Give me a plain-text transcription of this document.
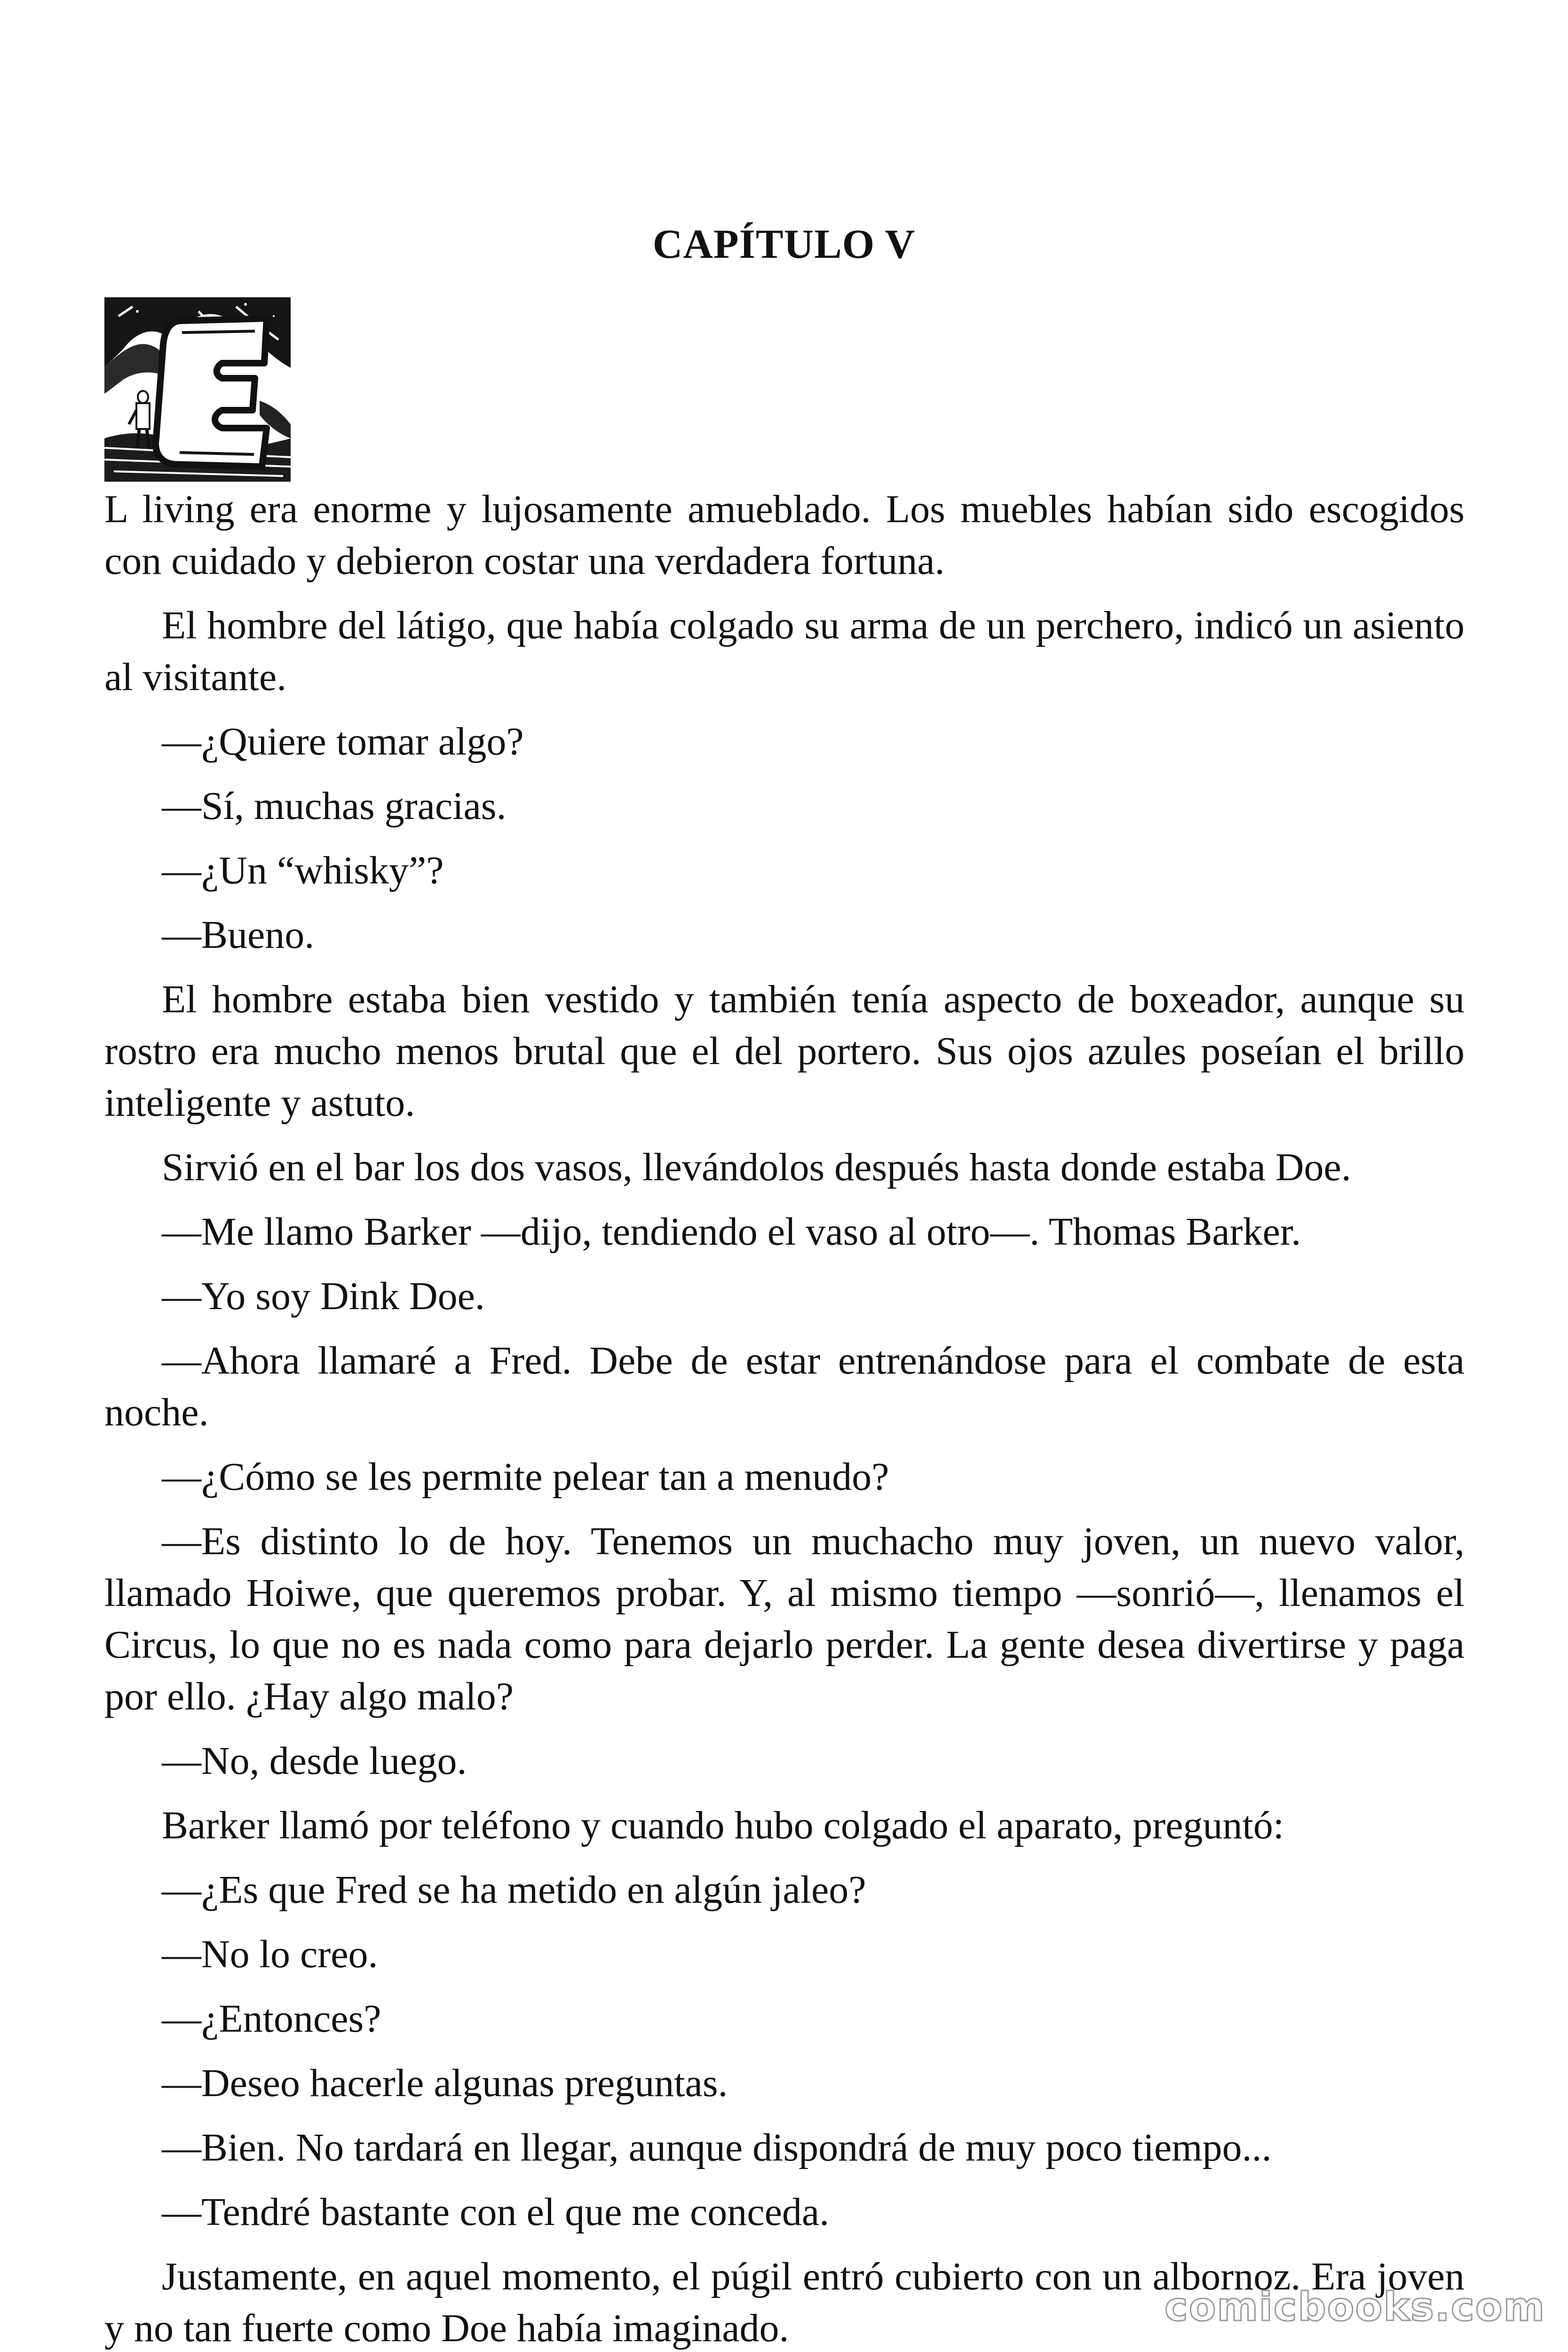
CAPÍTULO V

L living era enorme y lujosamente amueblado. Los muebles habían sido escogidos con cuidado y debieron costar una verdadera fortuna.

El hombre del látigo, que había colgado su arma de un perchero, indicó un asiento al visitante.

—¿Quiere tomar algo?

—Sí, muchas gracias.

—¿Un “whisky”?

—Bueno.

El hombre estaba bien vestido y también tenía aspecto de boxeador, aunque su rostro era mucho menos brutal que el del portero. Sus ojos azules poseían el brillo inteligente y astuto.

Sirvió en el bar los dos vasos, llevándolos después hasta donde estaba Doe.

—Me llamo Barker —dijo, tendiendo el vaso al otro—. Thomas Barker.

—Yo soy Dink Doe.

—Ahora llamaré a Fred. Debe de estar entrenándose para el combate de esta noche.

—¿Cómo se les permite pelear tan a menudo?

—Es distinto lo de hoy. Tenemos un muchacho muy joven, un nuevo valor, llamado Hoiwe, que queremos probar. Y, al mismo tiempo —sonrió—, llenamos el Circus, lo que no es nada como para dejarlo perder. La gente desea divertirse y paga por ello. ¿Hay algo malo?

—No, desde luego.

Barker llamó por teléfono y cuando hubo colgado el aparato, preguntó:

—¿Es que Fred se ha metido en algún jaleo?

—No lo creo.

—¿Entonces?

—Deseo hacerle algunas preguntas.

—Bien. No tardará en llegar, aunque dispondrá de muy poco tiempo...

—Tendré bastante con el que me conceda.

Justamente, en aquel momento, el púgil entró cubierto con un albornoz. Era joven y no tan fuerte como Doe había imaginado.	comicbooks.com
